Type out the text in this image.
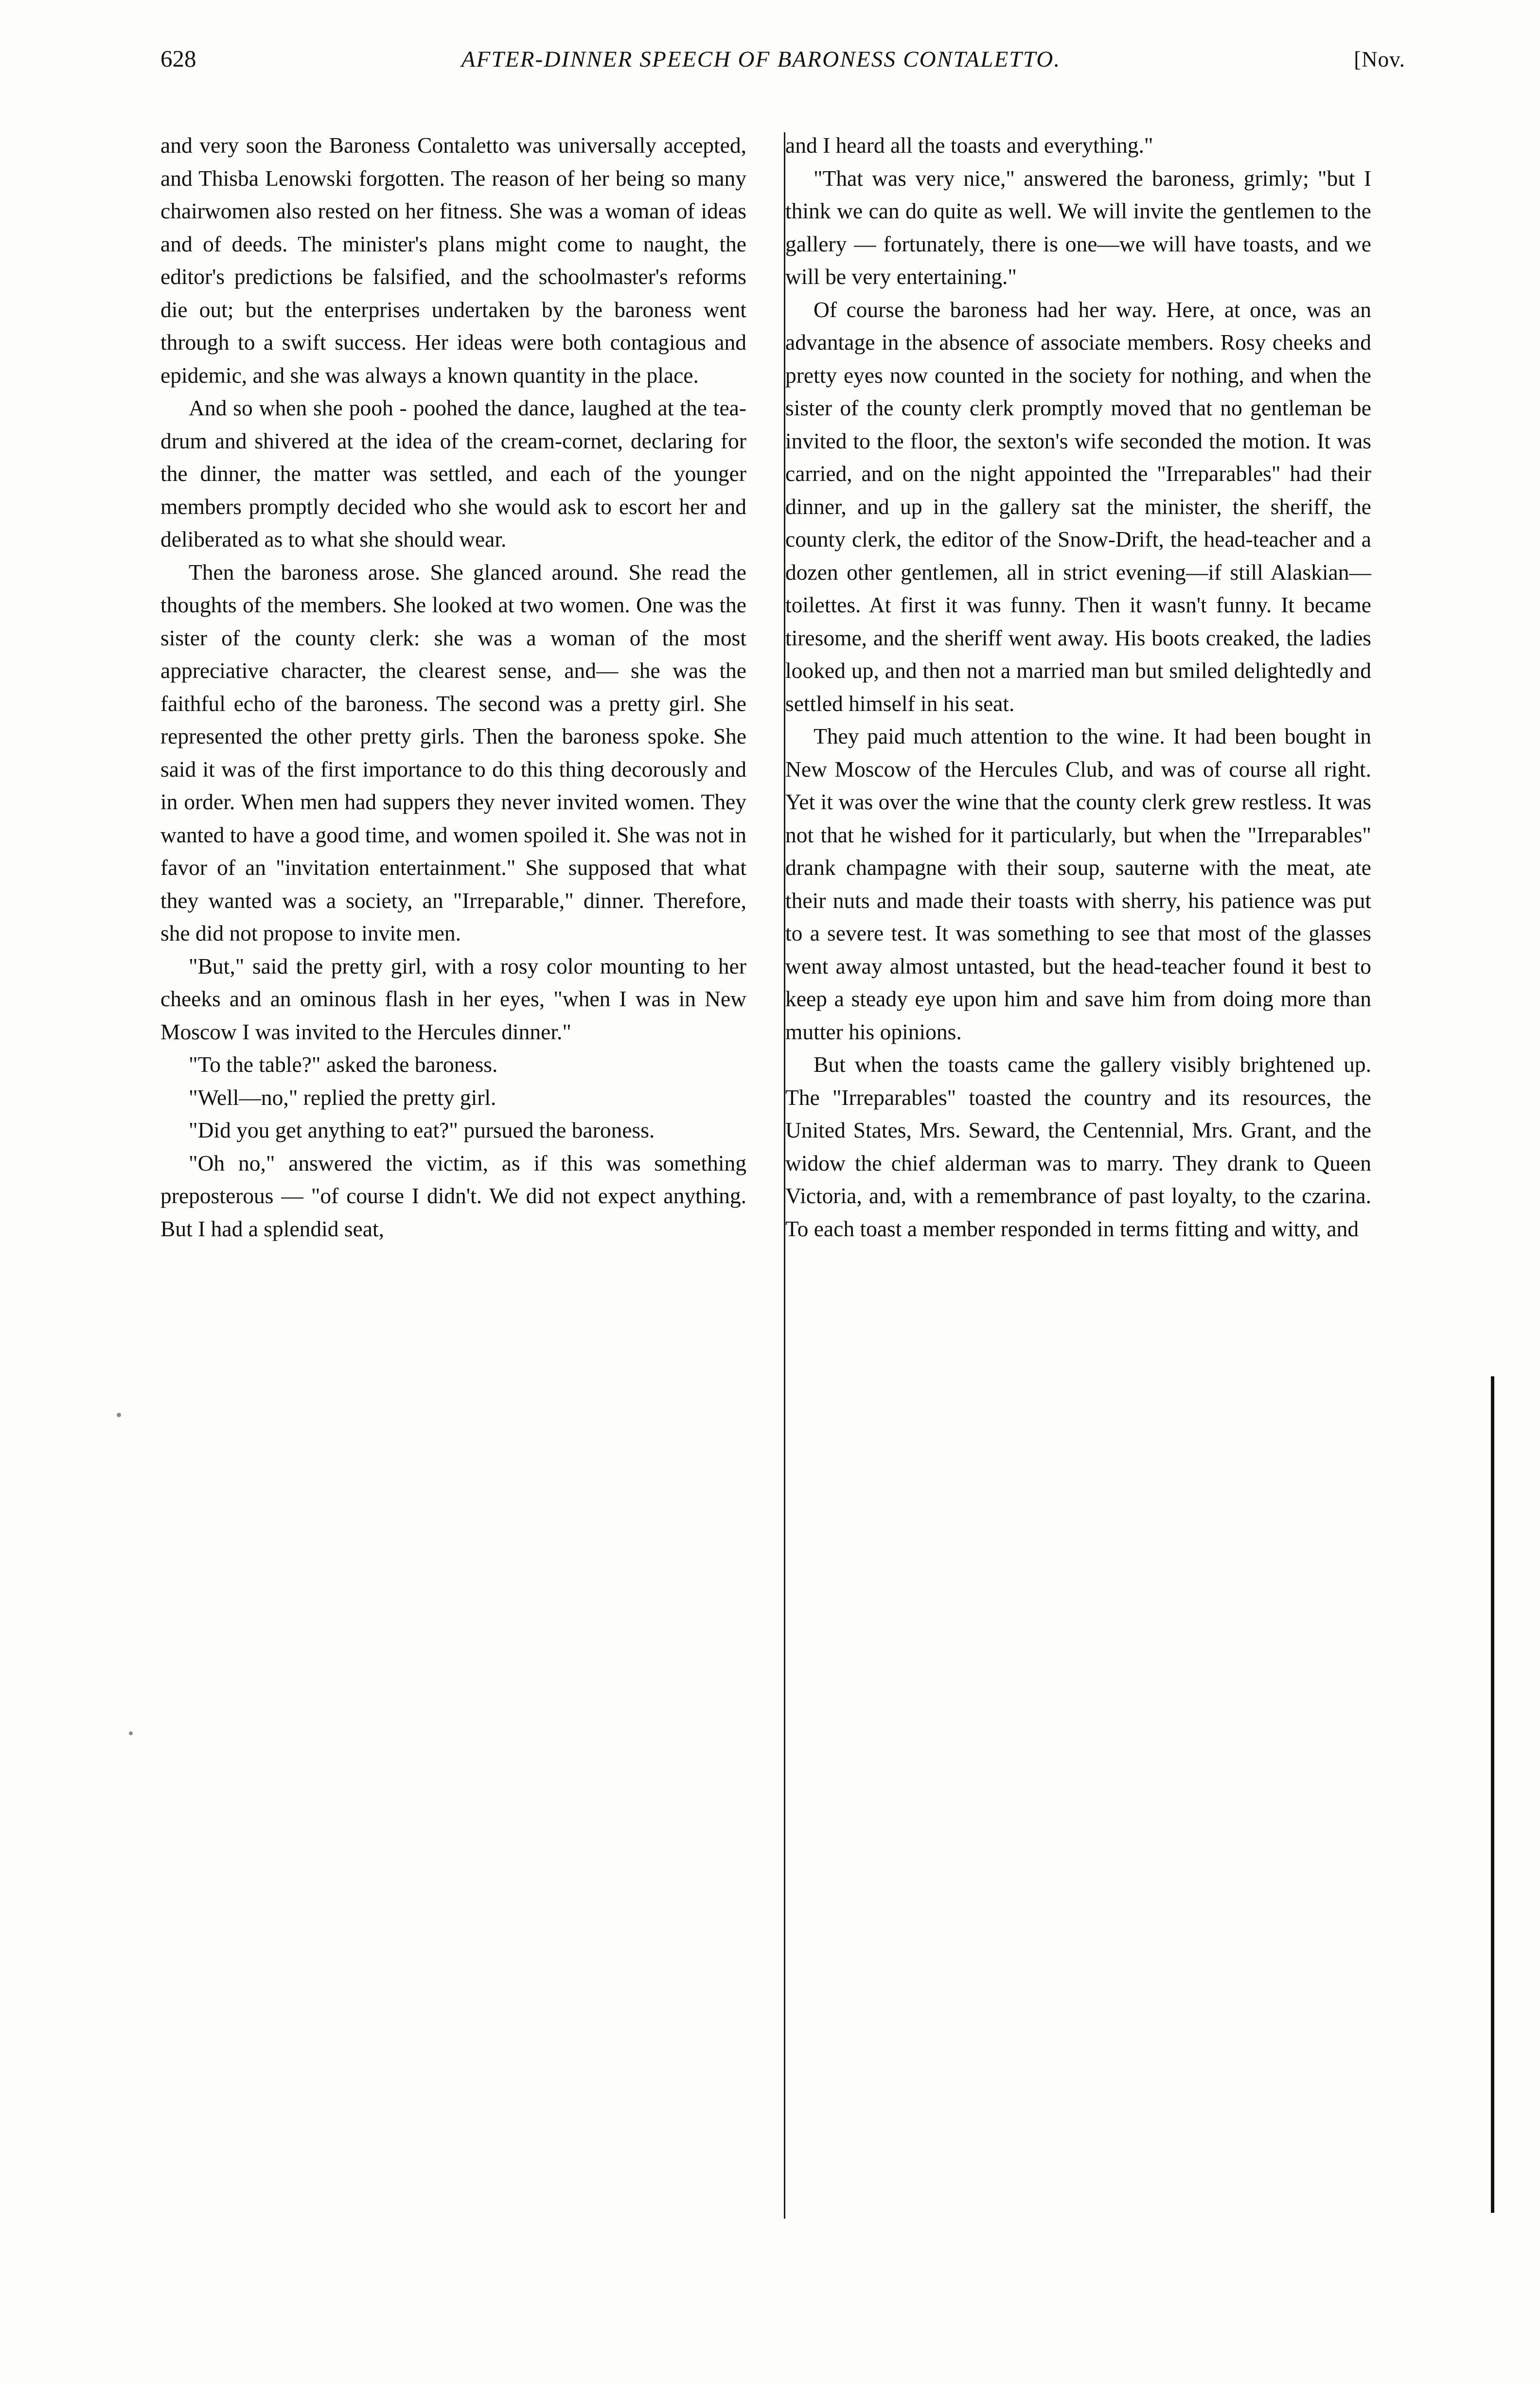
628	AFTER-DINNER SPEECH OF BARONESS CONTALETTO.	[Nov.

and very soon the Baroness Contaletto was universally accepted, and Thisba Lenowski forgotten. The reason of her being so many chairwomen also rested on her fitness. She was a woman of ideas and of deeds. The minister's plans might come to naught, the editor's predictions be falsified, and the schoolmaster's reforms die out; but the enterprises undertaken by the baroness went through to a swift success. Her ideas were both contagious and epidemic, and she was always a known quantity in the place.

And so when she pooh - poohed the dance, laughed at the tea-drum and shivered at the idea of the cream-cornet, declaring for the dinner, the matter was settled, and each of the younger members promptly decided who she would ask to escort her and deliberated as to what she should wear.

Then the baroness arose. She glanced around. She read the thoughts of the members. She looked at two women. One was the sister of the county clerk: she was a woman of the most appreciative character, the clearest sense, and— she was the faithful echo of the baroness. The second was a pretty girl. She represented the other pretty girls. Then the baroness spoke. She said it was of the first importance to do this thing decorously and in order. When men had suppers they never invited women. They wanted to have a good time, and women spoiled it. She was not in favor of an "invitation entertainment." She supposed that what they wanted was a society, an "Irreparable," dinner. Therefore, she did not propose to invite men.

"But," said the pretty girl, with a rosy color mounting to her cheeks and an ominous flash in her eyes, "when I was in New Moscow I was invited to the Hercules dinner."

"To the table?" asked the baroness.

"Well—no," replied the pretty girl.

"Did you get anything to eat?" pursued the baroness.

"Oh no," answered the victim, as if this was something preposterous — "of course I didn't. We did not expect anything. But I had a splendid seat,

and I heard all the toasts and everything."

"That was very nice," answered the baroness, grimly; "but I think we can do quite as well. We will invite the gentlemen to the gallery — fortunately, there is one—we will have toasts, and we will be very entertaining."

Of course the baroness had her way. Here, at once, was an advantage in the absence of associate members. Rosy cheeks and pretty eyes now counted in the society for nothing, and when the sister of the county clerk promptly moved that no gentleman be invited to the floor, the sexton's wife seconded the motion. It was carried, and on the night appointed the "Irreparables" had their dinner, and up in the gallery sat the minister, the sheriff, the county clerk, the editor of the Snow-Drift, the head-teacher and a dozen other gentlemen, all in strict evening—if still Alaskian—toilettes. At first it was funny. Then it wasn't funny. It became tiresome, and the sheriff went away. His boots creaked, the ladies looked up, and then not a married man but smiled delightedly and settled himself in his seat.

They paid much attention to the wine. It had been bought in New Moscow of the Hercules Club, and was of course all right. Yet it was over the wine that the county clerk grew restless. It was not that he wished for it particularly, but when the "Irreparables" drank champagne with their soup, sauterne with the meat, ate their nuts and made their toasts with sherry, his patience was put to a severe test. It was something to see that most of the glasses went away almost untasted, but the head-teacher found it best to keep a steady eye upon him and save him from doing more than mutter his opinions.

But when the toasts came the gallery visibly brightened up. The "Irreparables" toasted the country and its resources, the United States, Mrs. Seward, the Centennial, Mrs. Grant, and the widow the chief alderman was to marry. They drank to Queen Victoria, and, with a remembrance of past loyalty, to the czarina. To each toast a member responded in terms fitting and witty, and
